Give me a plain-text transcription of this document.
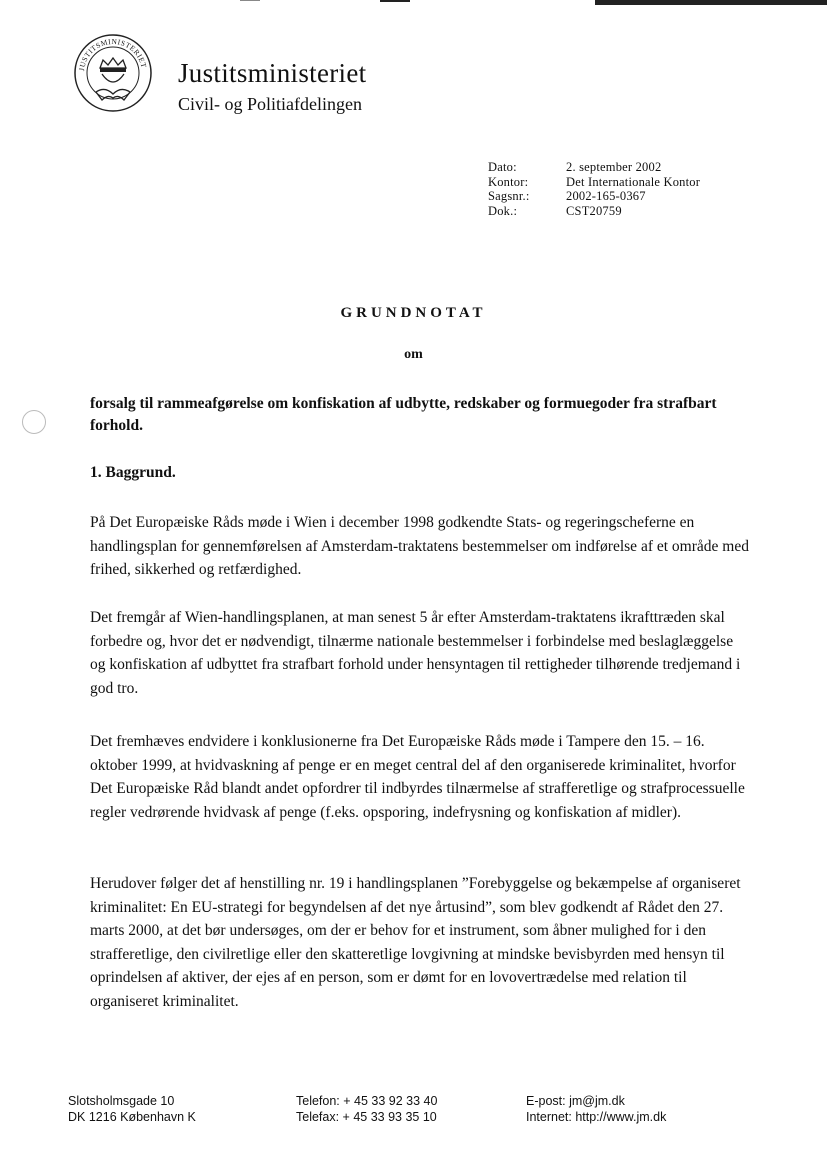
JUSTITSMINISTERIET Justitsministeriet
Civil- og Politiafdelingen
Dato:	2. september 2002
Kontor:	Det Internationale Kontor
Sagsnr.:	2002-165-0367
Dok.:	CST20759
GRUNDNOTAT
om
forsalg til rammeafgørelse om konfiskation af udbytte, redskaber og formuegoder fra strafbart forhold.
1. Baggrund.
På Det Europæiske Råds møde i Wien i december 1998 godkendte Stats- og regeringscheferne en handlingsplan for gennemførelsen af Amsterdam-traktatens bestemmelser om indførelse af et område med frihed, sikkerhed og retfærdighed.
Det fremgår af Wien-handlingsplanen, at man senest 5 år efter Amsterdam-traktatens ikrafttræden skal forbedre og, hvor det er nødvendigt, tilnærme nationale bestemmelser i forbindelse med beslaglæggelse og konfiskation af udbyttet fra strafbart forhold under hensyntagen til rettigheder tilhørende tredjemand i god tro.
Det fremhæves endvidere i konklusionerne fra Det Europæiske Råds møde i Tampere den 15. – 16. oktober 1999, at hvidvaskning af penge er en meget central del af den organiserede kriminalitet, hvorfor Det Europæiske Råd blandt andet opfordrer til indbyrdes tilnærmelse af strafferetlige og strafprocessuelle regler vedrørende hvidvask af penge (f.eks. opsporing, indefrysning og konfiskation af midler).
Herudover følger det af henstilling nr. 19 i handlingsplanen ”Forebyggelse og bekæmpelse af organiseret kriminalitet: En EU-strategi for begyndelsen af det nye årtusind”, som blev godkendt af Rådet den 27. marts 2000, at det bør undersøges, om der er behov for et instrument, som åbner mulighed for i den strafferetlige, den civilretlige eller den skatteretlige lovgivning at mindske bevisbyrden med hensyn til oprindelsen af aktiver, der ejes af en person, som er dømt for en lovovertrædelse med relation til organiseret kriminalitet.
Slotsholmsgade 10
DK 1216 København K
Telefon: + 45 33 92 33 40
Telefax: + 45 33 93 35 10
E-post: jm@jm.dk
Internet: http://www.jm.dk
